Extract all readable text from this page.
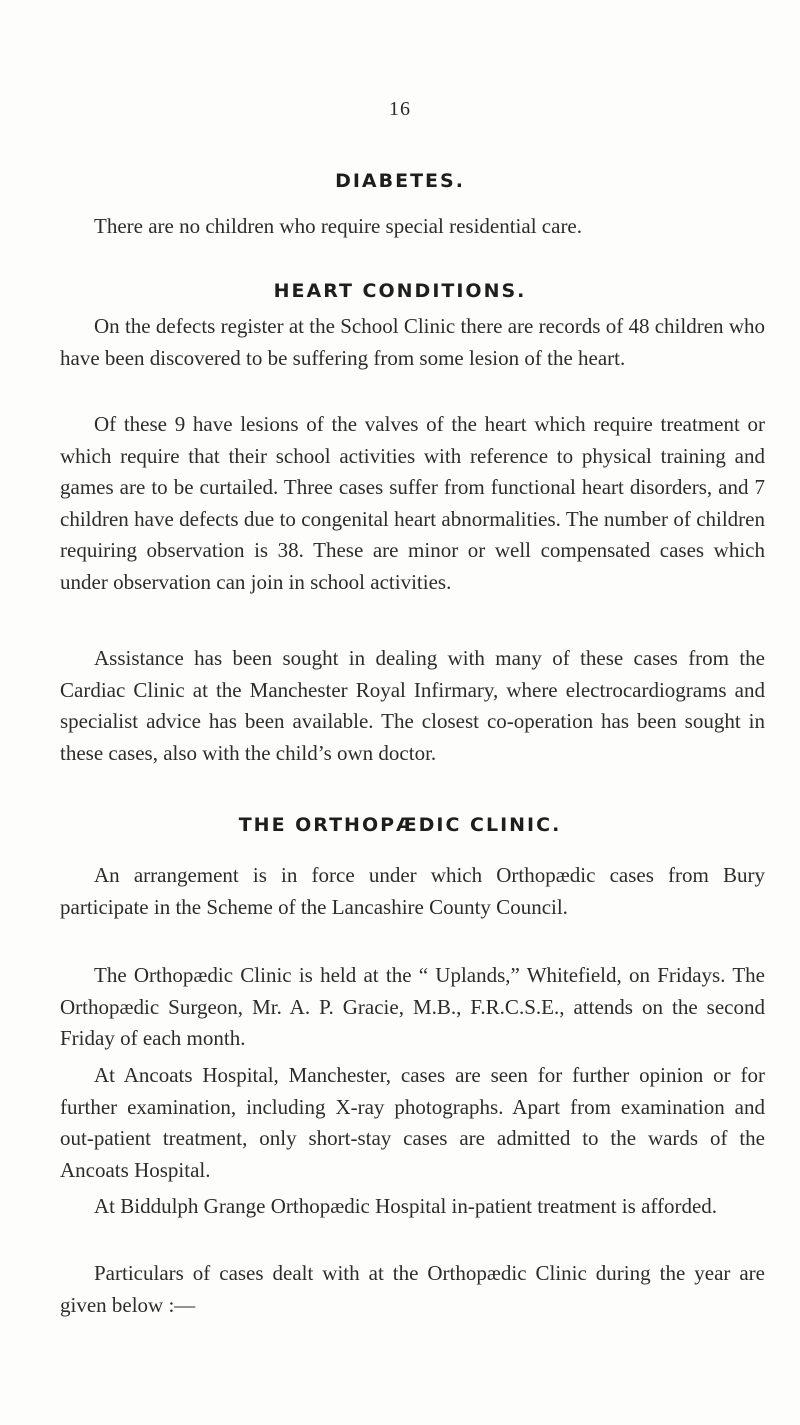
16
DIABETES.

There are no children who require special residential care.

HEART CONDITIONS.

On the defects register at the School Clinic there are records of 48 children who have been discovered to be suffering from some lesion of the heart.

Of these 9 have lesions of the valves of the heart which require treatment or which require that their school activities with reference to physical training and games are to be curtailed. Three cases suffer from functional heart disorders, and 7 children have defects due to congenital heart abnormalities. The number of children requiring observation is 38. These are minor or well compensated cases which under observation can join in school activities.

Assistance has been sought in dealing with many of these cases from the Cardiac Clinic at the Manchester Royal Infirmary, where electrocardiograms and specialist advice has been available. The closest co-operation has been sought in these cases, also with the child’s own doctor.

THE ORTHOPÆDIC CLINIC.

An arrangement is in force under which Orthopædic cases from Bury participate in the Scheme of the Lancashire County Council.

The Orthopædic Clinic is held at the “ Uplands,” Whitefield, on Fridays. The Orthopædic Surgeon, Mr. A. P. Gracie, M.B., F.R.C.S.E., attends on the second Friday of each month.

At Ancoats Hospital, Manchester, cases are seen for further opinion or for further examination, including X-ray photographs. Apart from examination and out-patient treatment, only short-stay cases are admitted to the wards of the Ancoats Hospital.

At Biddulph Grange Orthopædic Hospital in-patient treatment is afforded.

Particulars of cases dealt with at the Orthopædic Clinic during the year are given below :—
